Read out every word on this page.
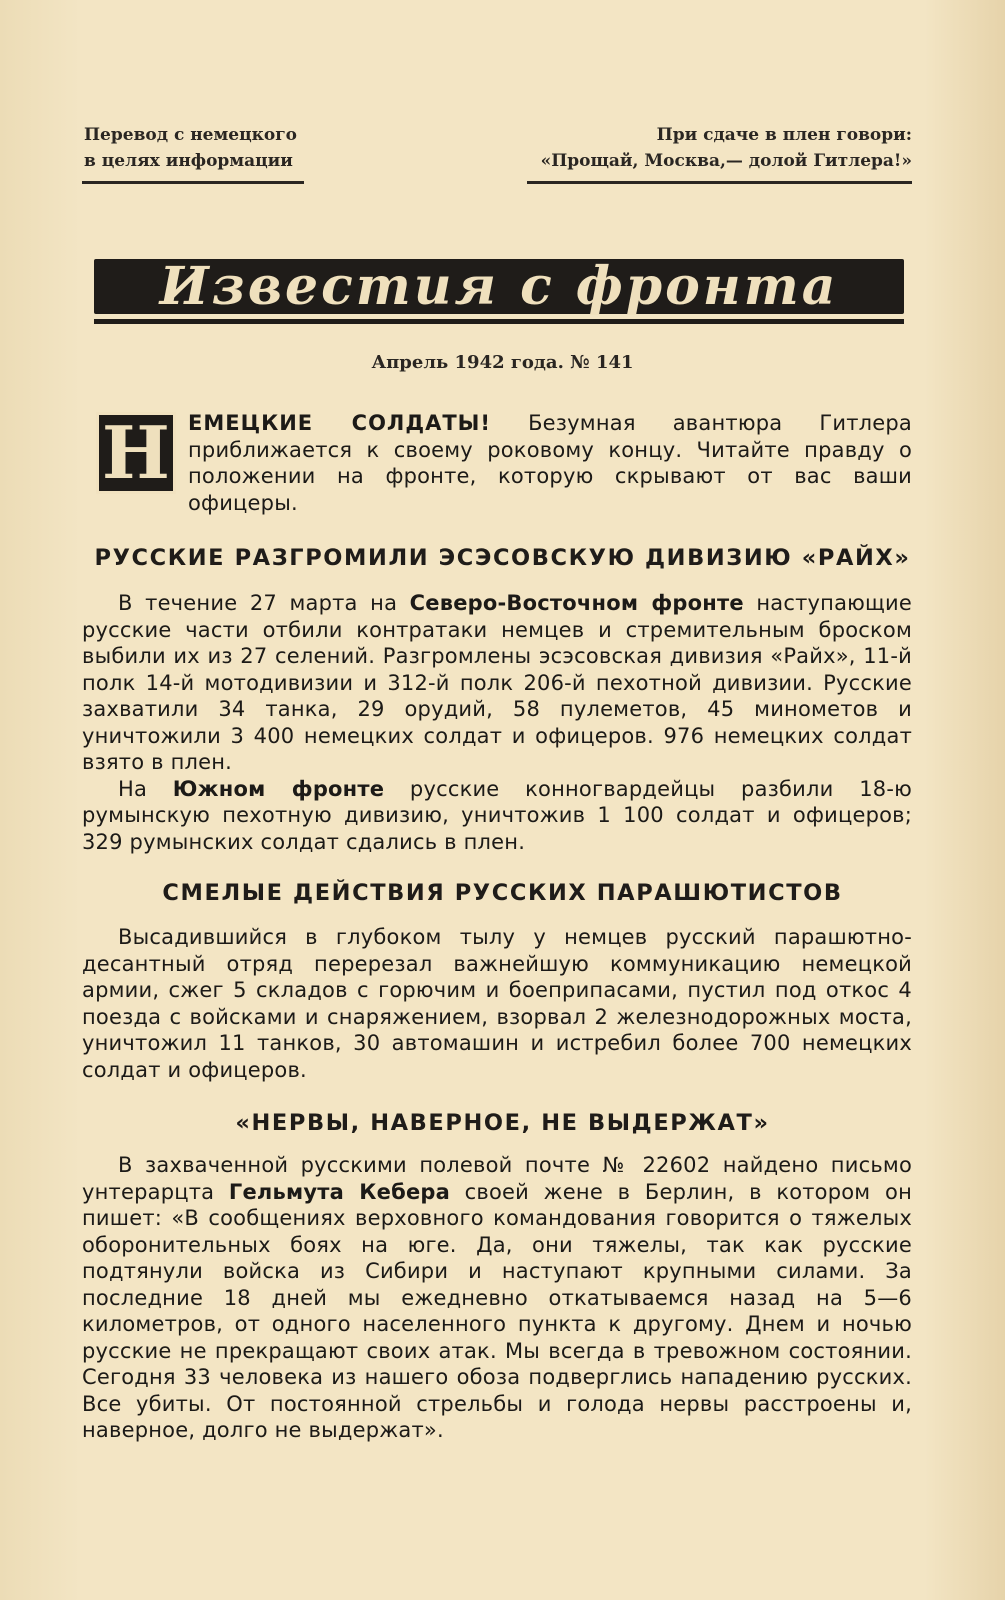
Перевод с немецкого
в целях информации
При сдаче в плен говори:
«Прощай, Москва,— долой Гитлера!»
Известия с фронта
Апрель 1942 года. № 141
Н ЕМЕЦКИЕ СОЛДАТЫ! Безумная авантюра Гитлера приближается к своему роковому концу. Читайте правду о положении на фронте, которую скрывают от вас ваши офицеры.
РУССКИЕ РАЗГРОМИЛИ ЭСЭСОВСКУЮ ДИВИЗИЮ «РАЙХ»

В течение 27 марта на Северо-Восточном фронте наступающие русские части отбили контратаки немцев и стремительным броском выбили их из 27 селений. Разгромлены эсэсовская дивизия «Райх», 11-й полк 14-й мотодивизии и 312-й полк 206-й пехотной дивизии. Русские захватили 34 танка, 29 орудий, 58 пулеметов, 45 минометов и уничтожили 3 400 немецких солдат и офицеров. 976 немецких солдат взято в плен.

На Южном фронте русские конногвардейцы разбили 18-ю румынскую пехотную дивизию, уничтожив 1 100 солдат и офицеров; 329 румынских солдат сдались в плен.

СМЕЛЫЕ ДЕЙСТВИЯ РУССКИХ ПАРАШЮТИСТОВ

Высадившийся в глубоком тылу у немцев русский парашютно-десантный отряд перерезал важнейшую коммуникацию немецкой армии, сжег 5 складов с горючим и боеприпасами, пустил под откос 4 поезда с войсками и снаряжением, взорвал 2 железнодорожных моста, уничтожил 11 танков, 30 автомашин и истребил более 700 немецких солдат и офицеров.

«НЕРВЫ, НАВЕРНОЕ, НЕ ВЫДЕРЖАТ»

В захваченной русскими полевой почте № 22602 найдено письмо унтерарцта Гельмута Кебера своей жене в Берлин, в котором он пишет: «В сообщениях верховного командования говорится о тяжелых оборонительных боях на юге. Да, они тяжелы, так как русские подтянули войска из Сибири и наступают крупными силами. За последние 18 дней мы ежедневно откатываемся назад на 5—6 километров, от одного населенного пункта к другому. Днем и ночью русские не прекращают своих атак. Мы всегда в тревожном состоянии. Сегодня 33 человека из нашего обоза подверглись нападению русских. Все убиты. От постоянной стрельбы и голода нервы расстроены и, наверное, долго не выдержат».
